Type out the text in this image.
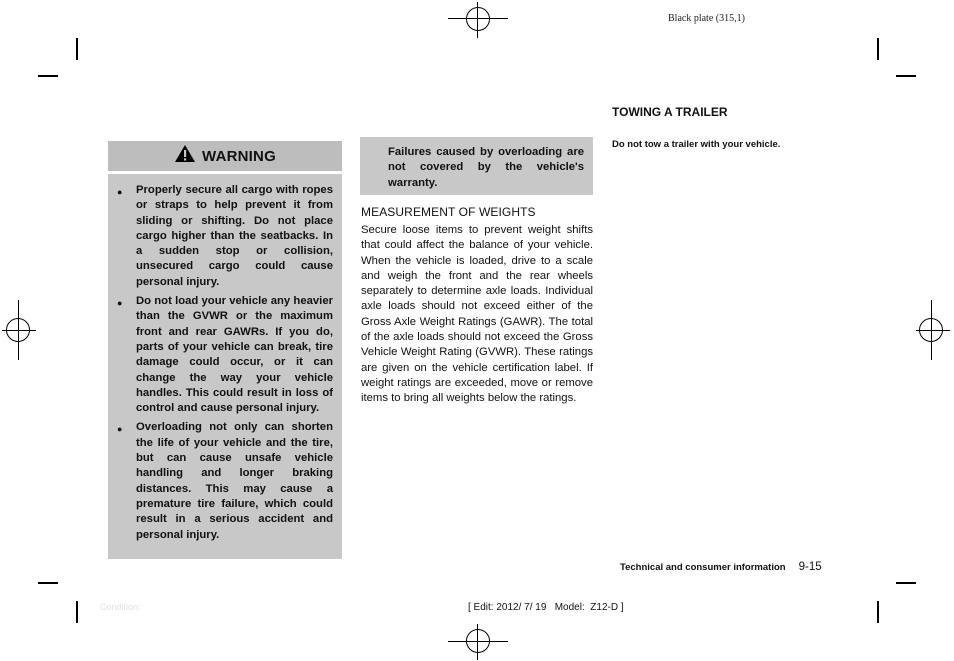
Black plate (315,1)
WARNING
● Properly secure all cargo with ropes or straps to help prevent it from sliding or shifting. Do not place cargo higher than the seatbacks. In a sudden stop or collision, unsecured cargo could cause personal injury.
● Do not load your vehicle any heavier than the GVWR or the maximum front and rear GAWRs. If you do, parts of your vehicle can break, tire damage could occur, or it can change the way your vehicle handles. This could result in loss of control and cause personal injury.
● Overloading not only can shorten the life of your vehicle and the tire, but can cause unsafe vehicle handling and longer braking distances. This may cause a premature tire failure, which could result in a serious accident and personal injury.
Failures caused by overloading are not covered by the vehicle's warranty.
MEASUREMENT OF WEIGHTS
Secure loose items to prevent weight shifts that could affect the balance of your vehicle. When the vehicle is loaded, drive to a scale and weigh the front and the rear wheels separately to determine axle loads. Individual axle loads should not exceed either of the Gross Axle Weight Ratings (GAWR). The total of the axle loads should not exceed the Gross Vehicle Weight Rating (GVWR). These ratings are given on the vehicle certification label. If weight ratings are exceeded, move or remove items to bring all weights below the ratings.
TOWING A TRAILER
Do not tow a trailer with your vehicle.
Technical and consumer information 9-15
Condition:	[ Edit: 2012/ 7/ 19   Model:  Z12-D ]
